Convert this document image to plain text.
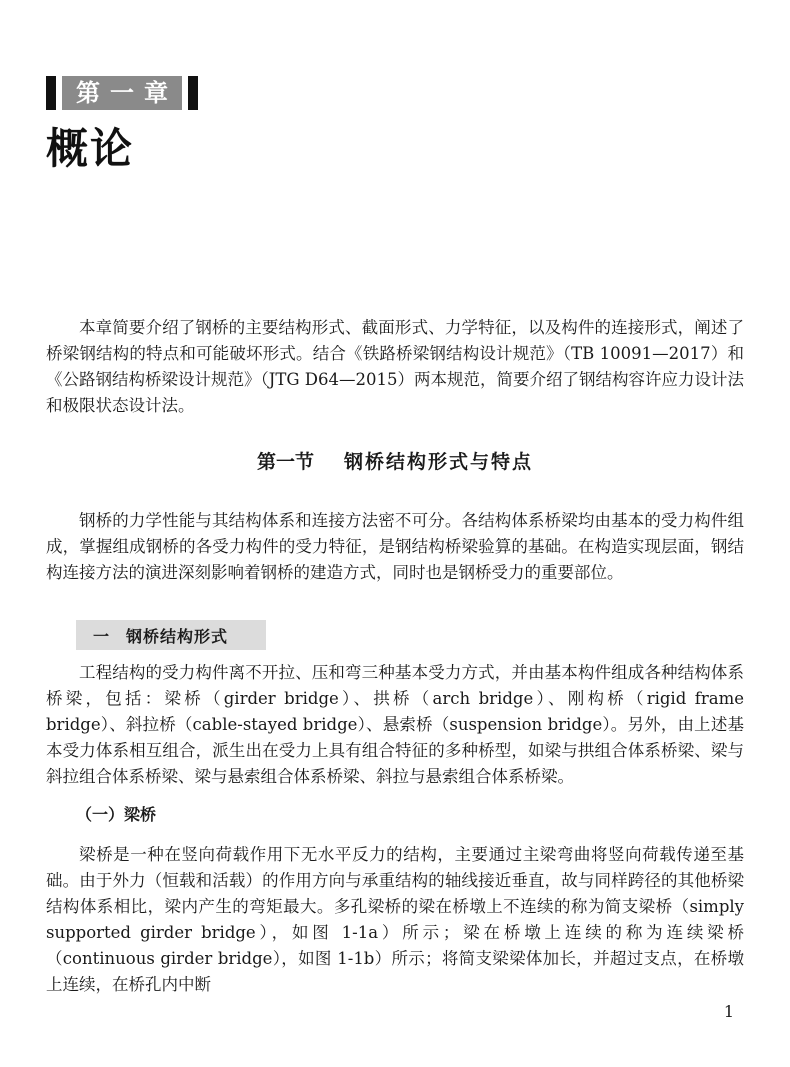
第一章
概论

本章简要介绍了钢桥的主要结构形式、截面形式、力学特征，以及构件的连接形式，阐述了桥梁钢结构的特点和可能破坏形式。结合《铁路桥梁钢结构设计规范》（TB 10091—2017）和《公路钢结构桥梁设计规范》（JTG D64—2015）两本规范，简要介绍了钢结构容许应力设计法和极限状态设计法。

第一节 钢桥结构形式与特点

钢桥的力学性能与其结构体系和连接方法密不可分。各结构体系桥梁均由基本的受力构件组成，掌握组成钢桥的各受力构件的受力特征，是钢结构桥梁验算的基础。在构造实现层面，钢结构连接方法的演进深刻影响着钢桥的建造方式，同时也是钢桥受力的重要部位。

一	钢桥结构形式

工程结构的受力构件离不开拉、压和弯三种基本受力方式，并由基本构件组成各种结构体系桥梁，包括：梁桥（girder bridge）、拱桥（arch bridge）、刚构桥（rigid frame bridge）、斜拉桥（cable-stayed bridge）、悬索桥（suspension bridge）。另外，由上述基本受力体系相互组合，派生出在受力上具有组合特征的多种桥型，如梁与拱组合体系桥梁、梁与斜拉组合体系桥梁、梁与悬索组合体系桥梁、斜拉与悬索组合体系桥梁。

（一）梁桥

梁桥是一种在竖向荷载作用下无水平反力的结构，主要通过主梁弯曲将竖向荷载传递至基础。由于外力（恒载和活载）的作用方向与承重结构的轴线接近垂直，故与同样跨径的其他桥梁结构体系相比，梁内产生的弯矩最大。多孔梁桥的梁在桥墩上不连续的称为简支梁桥（simply supported girder bridge），如图 1-1a）所示；梁在桥墩上连续的称为连续梁桥（continuous girder bridge），如图 1-1b）所示；将简支梁梁体加长，并超过支点，在桥墩上连续，在桥孔内中断

1
